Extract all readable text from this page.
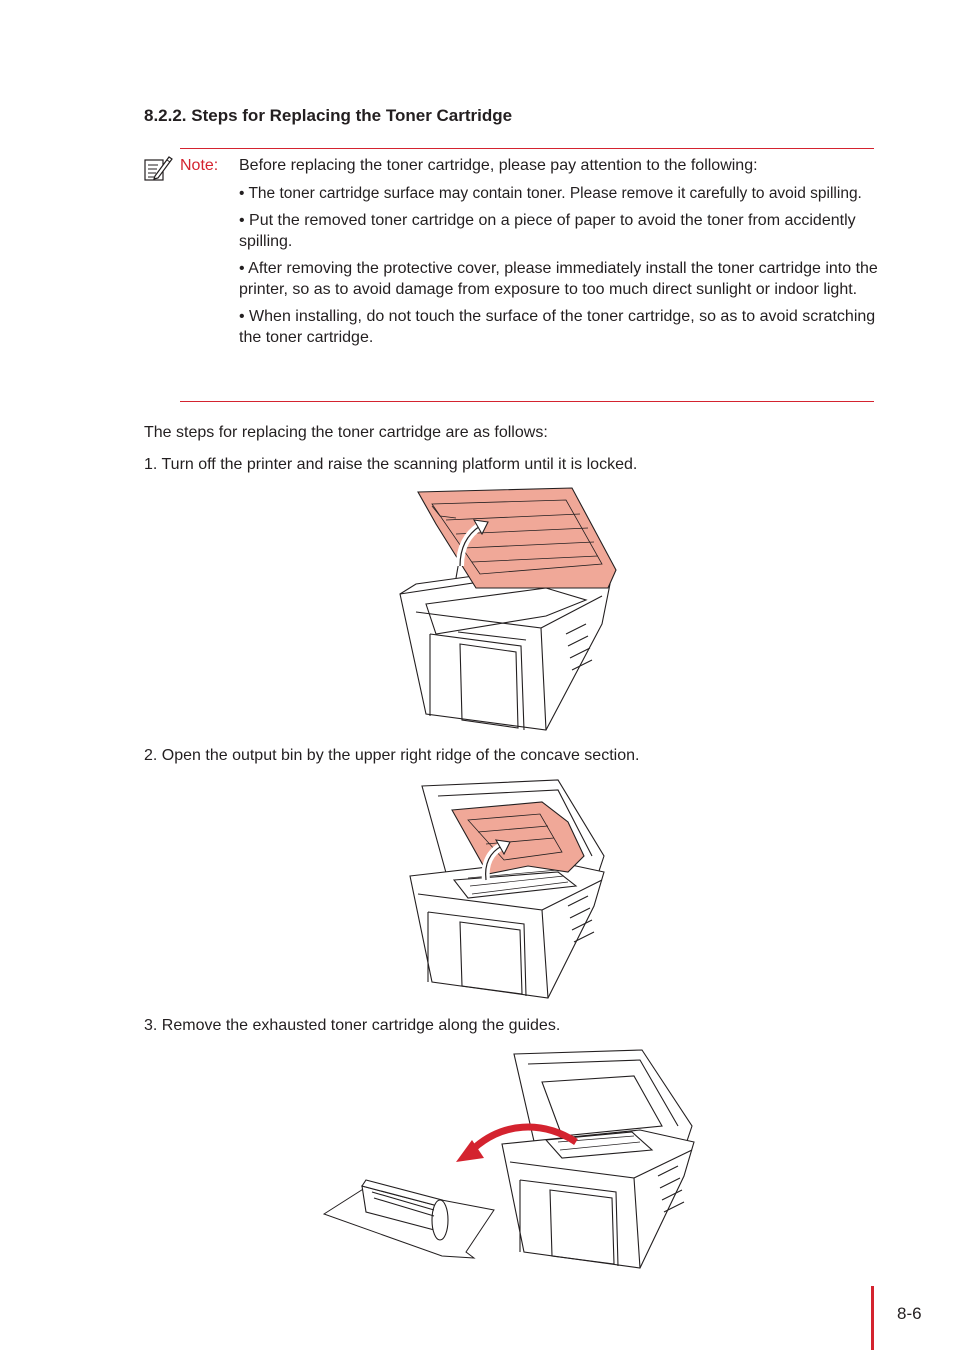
8.2.2. Steps for Replacing the Toner Cartridge
Note: Before replacing the toner cartridge, please pay attention to the following:

• The toner cartridge surface may contain toner. Please remove it carefully to avoid spilling.

• Put the removed toner cartridge on a piece of paper to avoid the toner from accidently spilling.

• After removing the protective cover, please immediately install the toner cartridge into the printer, so as to avoid damage from exposure to too much direct sunlight or indoor light.

• When installing, do not touch the surface of the toner cartridge, so as to avoid scratching the toner cartridge.

The steps for replacing the toner cartridge are as follows:
1. Turn off the printer and raise the scanning platform until it is locked.
2. Open the output bin by the upper right ridge of the concave section.
3. Remove the exhausted toner cartridge along the guides.
8-6
